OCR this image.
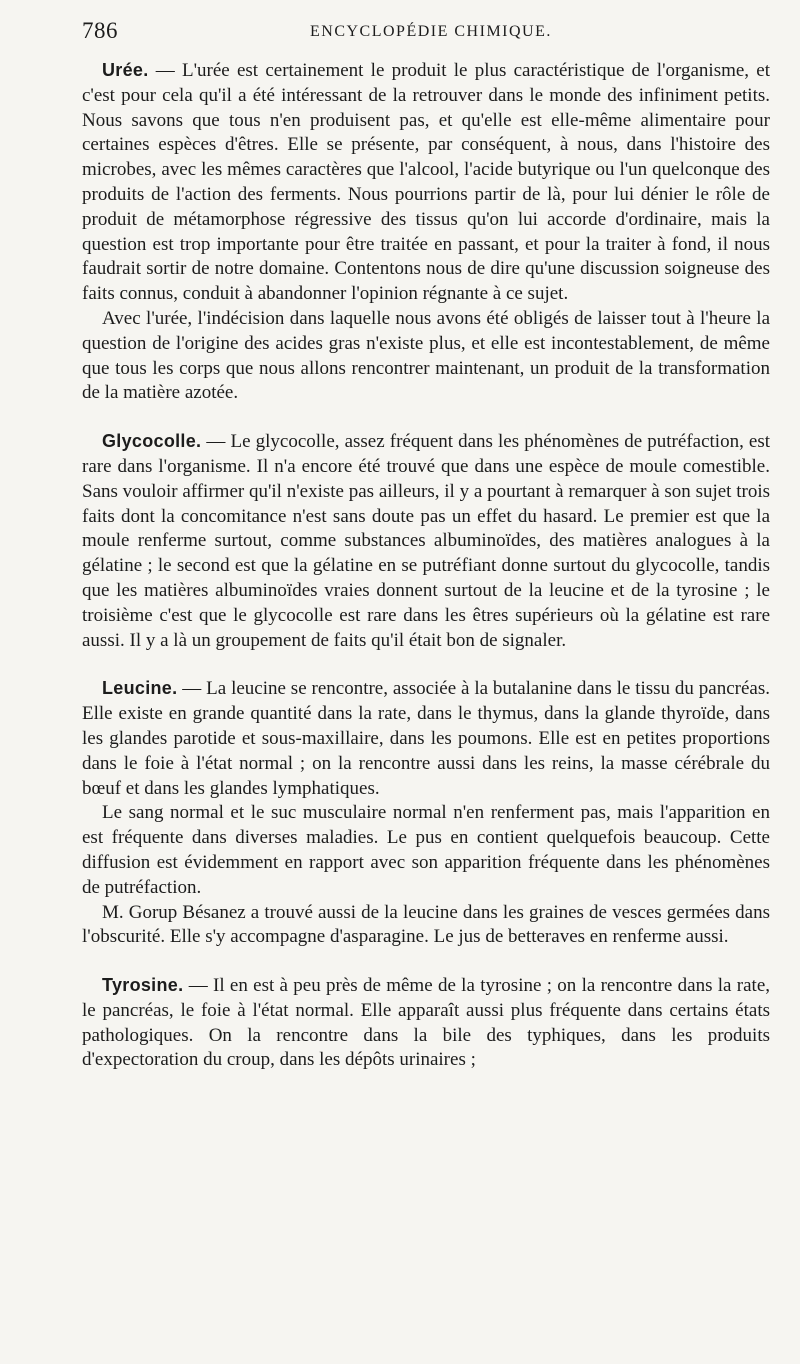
786	ENCYCLOPÉDIE CHIMIQUE.

Urée. — L'urée est certainement le produit le plus caractéristique de l'organisme, et c'est pour cela qu'il a été intéressant de la retrouver dans le monde des infiniment petits. Nous savons que tous n'en produisent pas, et qu'elle est elle-même alimentaire pour certaines espèces d'êtres. Elle se présente, par conséquent, à nous, dans l'histoire des microbes, avec les mêmes caractères que l'alcool, l'acide butyrique ou l'un quelconque des produits de l'action des ferments. Nous pourrions partir de là, pour lui dénier le rôle de produit de métamorphose régressive des tissus qu'on lui accorde d'ordinaire, mais la question est trop importante pour être traitée en passant, et pour la traiter à fond, il nous faudrait sortir de notre domaine. Contentons nous de dire qu'une discussion soigneuse des faits connus, conduit à abandonner l'opinion régnante à ce sujet.

Avec l'urée, l'indécision dans laquelle nous avons été obligés de laisser tout à l'heure la question de l'origine des acides gras n'existe plus, et elle est incontestablement, de même que tous les corps que nous allons rencontrer maintenant, un produit de la transformation de la matière azotée.

Glycocolle. — Le glycocolle, assez fréquent dans les phénomènes de putréfaction, est rare dans l'organisme. Il n'a encore été trouvé que dans une espèce de moule comestible. Sans vouloir affirmer qu'il n'existe pas ailleurs, il y a pourtant à remarquer à son sujet trois faits dont la concomitance n'est sans doute pas un effet du hasard. Le premier est que la moule renferme surtout, comme substances albuminoïdes, des matières analogues à la gélatine ; le second est que la gélatine en se putréfiant donne surtout du glycocolle, tandis que les matières albuminoïdes vraies donnent surtout de la leucine et de la tyrosine ; le troisième c'est que le glycocolle est rare dans les êtres supérieurs où la gélatine est rare aussi. Il y a là un groupement de faits qu'il était bon de signaler.

Leucine. — La leucine se rencontre, associée à la butalanine dans le tissu du pancréas. Elle existe en grande quantité dans la rate, dans le thymus, dans la glande thyroïde, dans les glandes parotide et sous-maxillaire, dans les poumons. Elle est en petites proportions dans le foie à l'état normal ; on la rencontre aussi dans les reins, la masse cérébrale du bœuf et dans les glandes lymphatiques.

Le sang normal et le suc musculaire normal n'en renferment pas, mais l'apparition en est fréquente dans diverses maladies. Le pus en contient quelquefois beaucoup. Cette diffusion est évidemment en rapport avec son apparition fréquente dans les phénomènes de putréfaction.

M. Gorup Bésanez a trouvé aussi de la leucine dans les graines de vesces germées dans l'obscurité. Elle s'y accompagne d'asparagine. Le jus de betteraves en renferme aussi.

Tyrosine. — Il en est à peu près de même de la tyrosine ; on la rencontre dans la rate, le pancréas, le foie à l'état normal. Elle apparaît aussi plus fréquente dans certains états pathologiques. On la rencontre dans la bile des typhiques, dans les produits d'expectoration du croup, dans les dépôts urinaires ;
